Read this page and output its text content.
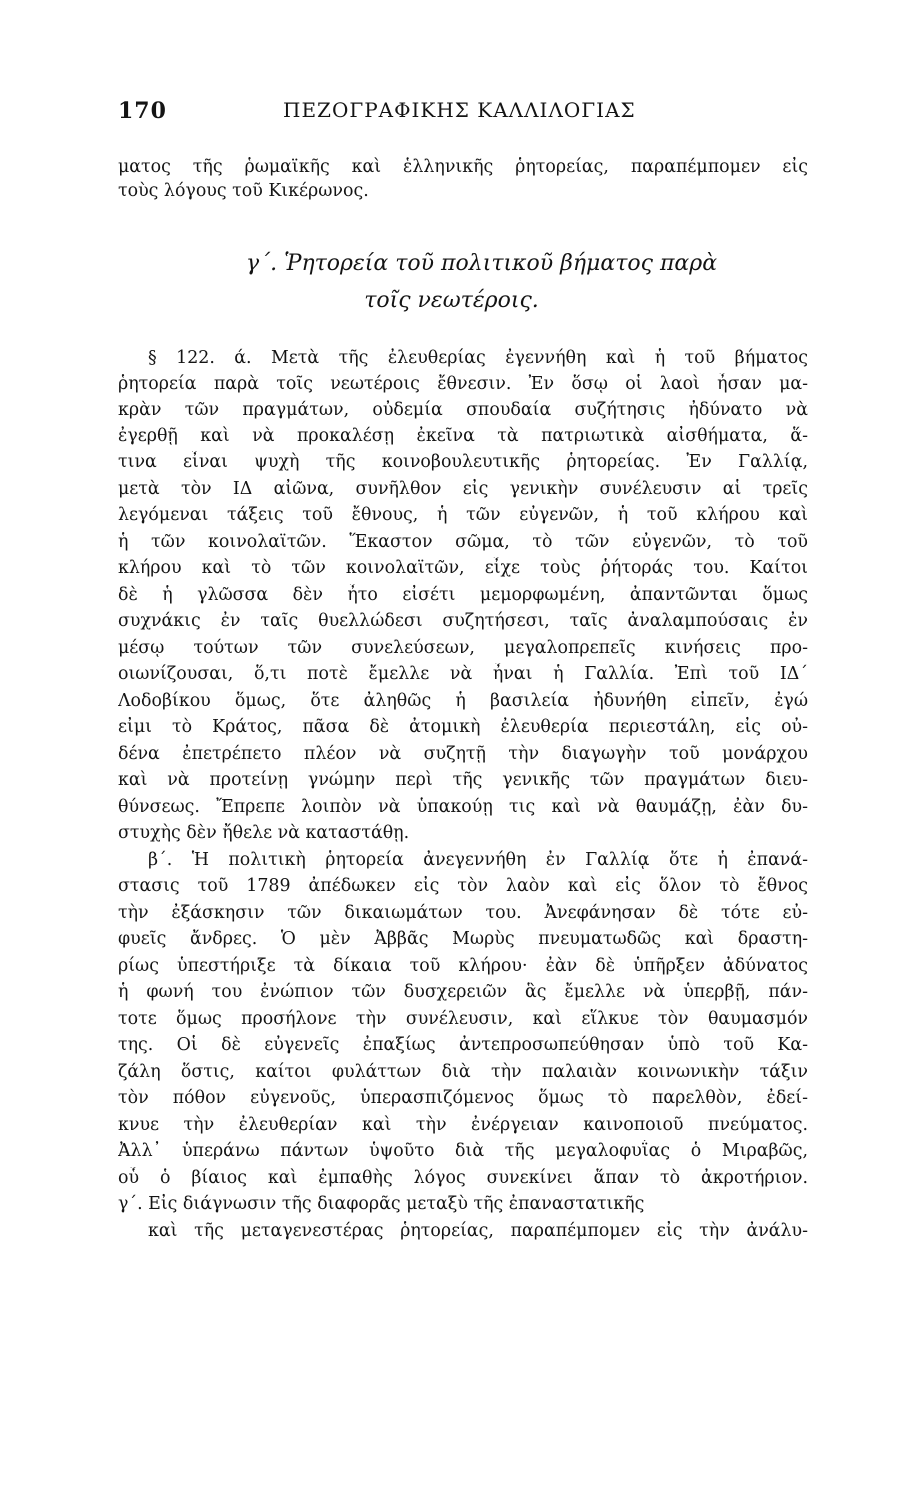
170	ΠΕΖΟΓΡΑΦΙΚΗΣ ΚΑΛΛΙΛΟΓΙΑΣ
ματος τῆς ῥωμαϊκῆς καὶ ἑλληνικῆς ῥητορείας, παραπέμπομεν εἰς
τοὺς λόγους τοῦ Κικέρωνος.
γ΄. Ῥητορεία τοῦ πολιτικοῦ βήματος παρὰ
τοῖς νεωτέροις.
§ 122. ά. Μετὰ τῆς ἐλευθερίας ἐγεννήθη καὶ ἡ τοῦ βήματος
ῥητορεία παρὰ τοῖς νεωτέροις ἔθνεσιν. Ἐν ὅσῳ οἱ λαοὶ ἦσαν μα-
κρὰν τῶν πραγμάτων, οὐδεμία σπουδαία συζήτησις ἠδύνατο νὰ
ἐγερθῇ καὶ νὰ προκαλέσῃ ἐκεῖνα τὰ πατριωτικὰ αἰσθήματα, ἅ-
τινα εἶναι ψυχὴ τῆς κοινοβουλευτικῆς ῥητορείας. Ἐν Γαλλίᾳ,
μετὰ τὸν ΙΔ αἰῶνα, συνῆλθον εἰς γενικὴν συνέλευσιν αἱ τρεῖς
λεγόμεναι τάξεις τοῦ ἔθνους, ἡ τῶν εὐγενῶν, ἡ τοῦ κλήρου καὶ
ἡ τῶν κοινολαϊτῶν. Ἕκαστον σῶμα, τὸ τῶν εὐγενῶν, τὸ τοῦ
κλήρου καὶ τὸ τῶν κοινολαϊτῶν, εἶχε τοὺς ῥήτοράς του. Καίτοι
δὲ ἡ γλῶσσα δὲν ἦτο εἰσέτι μεμορφωμένη, ἀπαντῶνται ὅμως
συχνάκις ἐν ταῖς θυελλώδεσι συζητήσεσι, ταῖς ἀναλαμπούσαις ἐν
μέσῳ τούτων τῶν συνελεύσεων, μεγαλοπρεπεῖς κινήσεις προ-
οιωνίζουσαι, ὅ,τι ποτὲ ἔμελλε νὰ ἦναι ἡ Γαλλία. Ἐπὶ τοῦ ΙΔ΄
Λοδοβίκου ὅμως, ὅτε ἀληθῶς ἡ βασιλεία ἠδυνήθη εἰπεῖν, ἐγώ
εἰμι τὸ Κράτος, πᾶσα δὲ ἀτομικὴ ἐλευθερία περιεστάλη, εἰς οὐ-
δένα ἐπετρέπετο πλέον νὰ συζητῇ τὴν διαγωγὴν τοῦ μονάρχου
καὶ νὰ προτείνῃ γνώμην περὶ τῆς γενικῆς τῶν πραγμάτων διευ-
θύνσεως. Ἔπρεπε λοιπὸν νὰ ὑπακούῃ τις καὶ νὰ θαυμάζῃ, ἐὰν δυ-
στυχὴς δὲν ἤθελε νὰ καταστάθῃ.
β΄. Ἡ πολιτικὴ ῥητορεία ἀνεγεννήθη ἐν Γαλλίᾳ ὅτε ἡ ἐπανά-
στασις τοῦ 1789 ἀπέδωκεν εἰς τὸν λαὸν καὶ εἰς ὅλον τὸ ἔθνος
τὴν ἐξάσκησιν τῶν δικαιωμάτων του. Ἀνεφάνησαν δὲ τότε εὐ-
φυεῖς ἄνδρες. Ὁ μὲν Ἀββᾶς Μωρὺς πνευματωδῶς καὶ δραστη-
ρίως ὑπεστήριξε τὰ δίκαια τοῦ κλήρου· ἐὰν δὲ ὑπῆρξεν ἀδύνατος
ἡ φωνή του ἐνώπιον τῶν δυσχερειῶν ἃς ἔμελλε νὰ ὑπερβῇ, πάν-
τοτε ὅμως προσήλονε τὴν συνέλευσιν, καὶ εἵλκυε τὸν θαυμασμόν
της. Οἱ δὲ εὐγενεῖς ἐπαξίως ἀντεπροσωπεύθησαν ὑπὸ τοῦ Κα-
ζάλη ὅστις, καίτοι φυλάττων διὰ τὴν παλαιὰν κοινωνικὴν τάξιν
τὸν πόθον εὐγενοῦς, ὑπερασπιζόμενος ὅμως τὸ παρελθὸν, ἐδεί-
κνυε τὴν ἐλευθερίαν καὶ τὴν ἐνέργειαν καινοποιοῦ πνεύματος.
Ἀλλ᾽ ὑπεράνω πάντων ὑψοῦτο διὰ τῆς μεγαλοφυΐας ὁ Μιραβῶς,
οὗ ὁ βίαιος καὶ ἐμπαθὴς λόγος συνεκίνει ἅπαν τὸ ἀκροτήριον.
γ΄. Εἰς διάγνωσιν τῆς διαφορᾶς μεταξὺ τῆς ἐπαναστατικῆς
καὶ τῆς μεταγενεστέρας ῥητορείας, παραπέμπομεν εἰς τὴν ἀνάλυ-
